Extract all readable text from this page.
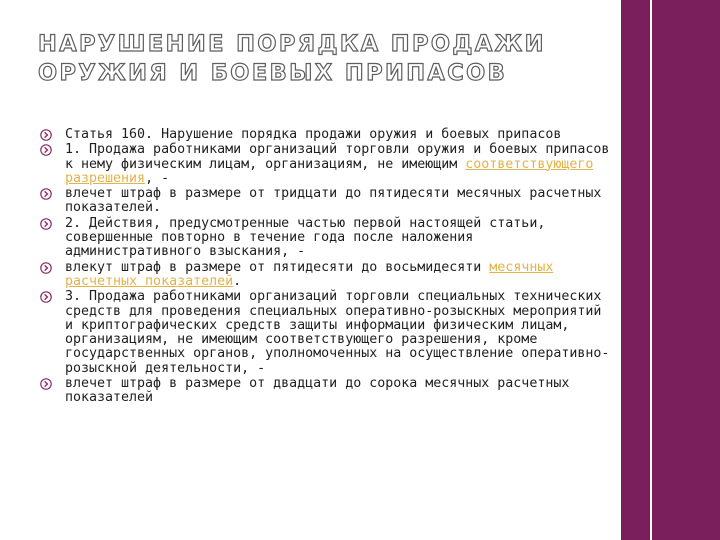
НАРУШЕНИЕ ПОРЯДКА ПРОДАЖИ ОРУЖИЯ И БОЕВЫХ ПРИПАСОВ
Статья 160. Нарушение порядка продажи оружия и боевых припасов
1. Продажа работниками организаций торговли оружия и боевых припасов к нему физическим лицам, организациям, не имеющим соответствующего разрешения, -
влечет штраф в размере от тридцати до пятидесяти месячных расчетных показателей.
2. Действия, предусмотренные частью первой настоящей статьи, совершенные повторно в течение года после наложения административного взыскания, -
влекут штраф в размере от пятидесяти до восьмидесяти месячных расчетных показателей.
3. Продажа работниками организаций торговли специальных технических средств для проведения специальных оперативно-розыскных мероприятий и криптографических средств защиты информации физическим лицам, организациям, не имеющим соответствующего разрешения, кроме государственных органов, уполномоченных на осуществление оперативно-розыскной деятельности, -
влечет штраф в размере от двадцати до сорока месячных расчетных показателей
